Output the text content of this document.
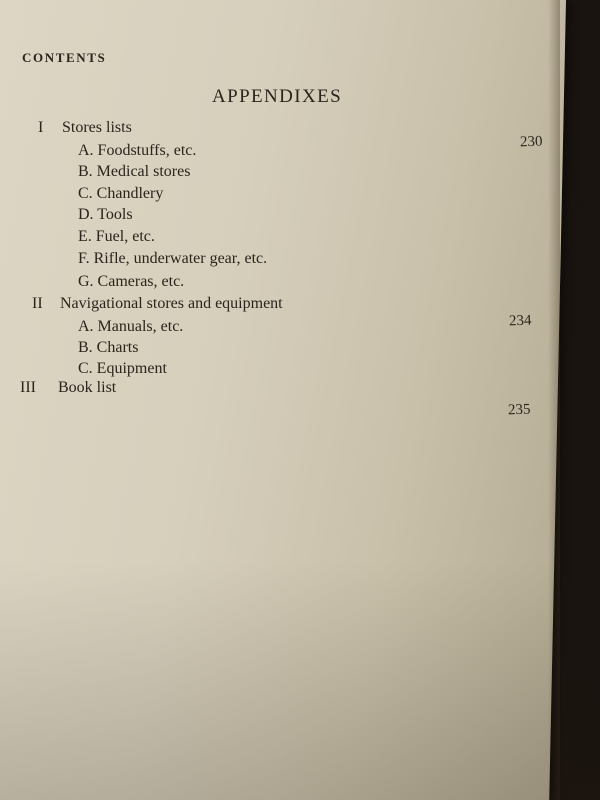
CONTENTS
APPENDIXES
I Stores lists
230
A. Foodstuffs, etc.
B. Medical stores
C. Chandlery
D. Tools
E. Fuel, etc.
F. Rifle, underwater gear, etc.
G. Cameras, etc.
II Navigational stores and equipment
234
A. Manuals, etc.
B. Charts
C. Equipment
III Book list
235
